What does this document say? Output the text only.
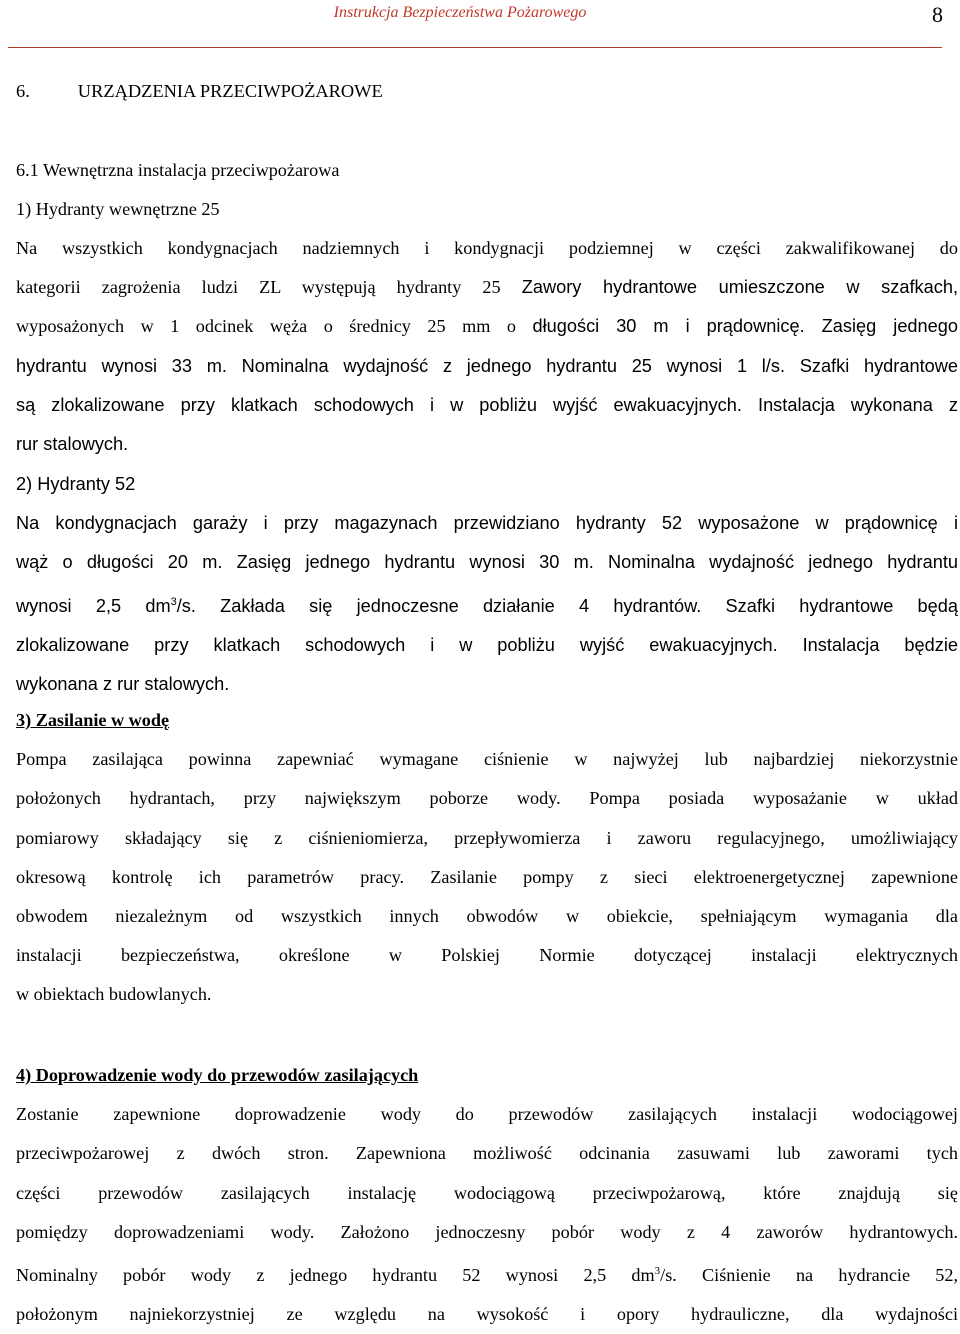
Instrukcja Bezpieczeństwa Pożarowego	8
6.	URZĄDZENIA PRZECIWPOŻAROWE
6.1 Wewnętrzna instalacja przeciwpożarowa
1) Hydranty wewnętrzne 25
Na wszystkich kondygnacjach nadziemnych i kondygnacji podziemnej w części zakwalifikowanej do
kategorii zagrożenia ludzi ZL występują hydranty 25 Zawory hydrantowe umieszczone w szafkach,
wyposażonych w 1 odcinek węża o średnicy 25 mm o długości 30 m i prądownicę. Zasięg jednego
hydrantu wynosi 33 m. Nominalna wydajność z jednego hydrantu 25 wynosi 1 l/s. Szafki hydrantowe
są zlokalizowane przy klatkach schodowych i w pobliżu wyjść ewakuacyjnych. Instalacja wykonana z
rur stalowych.
2) Hydranty 52
Na kondygnacjach garaży i przy magazynach przewidziano hydranty 52 wyposażone w prądownicę i
wąż o długości 20 m. Zasięg jednego hydrantu wynosi 30 m. Nominalna wydajność jednego hydrantu
wynosi 2,5 $dm^3/s$. Zakłada się jednoczesne działanie 4 hydrantów. Szafki hydrantowe będą
zlokalizowane przy klatkach schodowych i w pobliżu wyjść ewakuacyjnych. Instalacja będzie
wykonana z rur stalowych.
3) Zasilanie w wodę
Pompa zasilająca powinna zapewniać wymagane ciśnienie w najwyżej lub najbardziej niekorzystnie
położonych hydrantach, przy największym poborze wody. Pompa posiada wyposażanie w układ
pomiarowy składający się z ciśnieniomierza, przepływomierza i zaworu regulacyjnego, umożliwiający
okresową kontrolę ich parametrów pracy. Zasilanie pompy z sieci elektroenergetycznej zapewnione
obwodem niezależnym od wszystkich innych obwodów w obiekcie, spełniającym wymagania dla
instalacji bezpieczeństwa, określone w Polskiej Normie dotyczącej instalacji elektrycznych
w obiektach budowlanych.
4) Doprowadzenie wody do przewodów zasilających
Zostanie zapewnione doprowadzenie wody do przewodów zasilających instalacji wodociągowej
przeciwpożarowej z dwóch stron. Zapewniona możliwość odcinania zasuwami lub zaworami tych
części przewodów zasilających instalację wodociągową przeciwpożarową, które znajdują się
pomiędzy doprowadzeniami wody. Założono jednoczesny pobór wody z 4 zaworów hydrantowych.
Nominalny pobór wody z jednego hydrantu 52 wynosi 2,5 $dm^3/s$. Ciśnienie na hydrancie 52,
położonym najniekorzystniej ze względu na wysokość i opory hydrauliczne, dla wydajności
